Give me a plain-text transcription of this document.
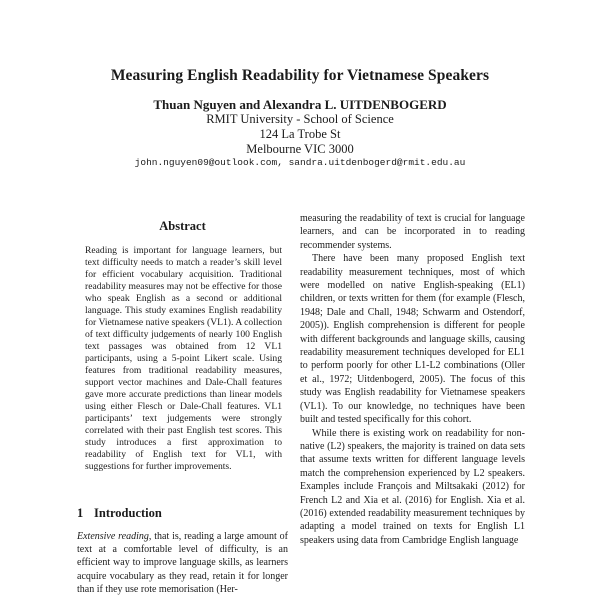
Measuring English Readability for Vietnamese Speakers
Thuan Nguyen and Alexandra L. UITDENBOGERD
RMIT University - School of Science
124 La Trobe St
Melbourne VIC 3000
john.nguyen09@outlook.com, sandra.uitdenbogerd@rmit.edu.au
Abstract

Reading is important for language learners, but text difficulty needs to match a reader’s skill level for efficient vocabulary acquisition. Traditional readability measures may not be effective for those who speak English as a second or additional language. This study examines English readability for Vietnamese native speakers (VL1). A collection of text difficulty judgements of nearly 100 English text passages was obtained from 12 VL1 participants, using a 5-point Likert scale. Using features from traditional readability measures, support vector machines and Dale-Chall features gave more accurate predictions than linear models using either Flesch or Dale-Chall features. VL1 participants’ text judgements were strongly correlated with their past English test scores. This study introduces a first approximation to readability of English text for VL1, with suggestions for further improvements.

1 Introduction

Extensive reading, that is, reading a large amount of text at a comfortable level of difficulty, is an efficient way to improve language skills, as learners acquire vocabulary as they read, retain it for longer than if they use rote memorisation (Her-

measuring the readability of text is crucial for language learners, and can be incorporated in to reading recommender systems.

There have been many proposed English text readability measurement techniques, most of which were modelled on native English-speaking (EL1) children, or texts written for them (for example (Flesch, 1948; Dale and Chall, 1948; Schwarm and Ostendorf, 2005)). English comprehension is different for people with different backgrounds and language skills, causing readability measurement techniques developed for EL1 to perform poorly for other L1-L2 combinations (Oller et al., 1972; Uitdenbogerd, 2005). The focus of this study was English readability for Vietnamese speakers (VL1). To our knowledge, no techniques have been built and tested specifically for this cohort.

While there is existing work on readability for non-native (L2) speakers, the majority is trained on data sets that assume texts written for different language levels match the comprehension experienced by L2 speakers. Examples include François and Miltsakaki (2012) for French L2 and Xia et al. (2016) for English. Xia et al. (2016) extended readability measurement techniques by adapting a model trained on texts for English L1 speakers using data from Cambridge English language
